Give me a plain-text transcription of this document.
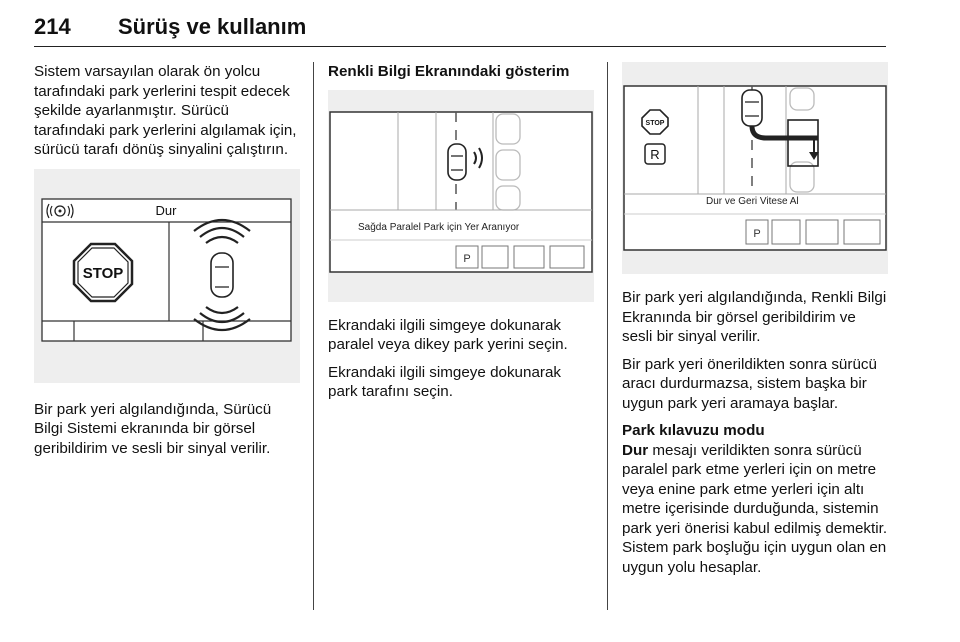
214 Sürüş ve kullanım

Sistem varsayılan olarak ön yolcu tarafındaki park yerlerini tespit edecek şekilde ayarlanmıştır. Sürücü tarafındaki park yerlerini algılamak için, sürücü tarafı dönüş sinyalini çalıştırın.

Dur
STOP

Bir park yeri algılandığında, Sürücü Bilgi Sistemi ekranında bir görsel geribildirim ve sesli bir sinyal verilir.

Renkli Bilgi Ekranındaki gösterim
Sağda Paralel Park için Yer Aranıyor
P

Ekrandaki ilgili simgeye dokunarak paralel veya dikey park yerini seçin.

Ekrandaki ilgili simgeye dokunarak park tarafını seçin.

STOP
R
Dur ve Geri Vitese Al
P

Bir park yeri algılandığında, Renkli Bilgi Ekranında bir görsel geribildirim ve sesli bir sinyal verilir.

Bir park yeri önerildikten sonra sürücü aracı durdurmazsa, sistem başka bir uygun park yeri aramaya başlar.

Park kılavuzu modu

Dur mesajı verildikten sonra sürücü paralel park etme yerleri için on metre veya enine park etme yerleri için altı metre içerisinde durduğunda, sistemin park yeri önerisi kabul edilmiş demektir. Sistem park boşluğu için uygun olan en uygun yolu hesaplar.
